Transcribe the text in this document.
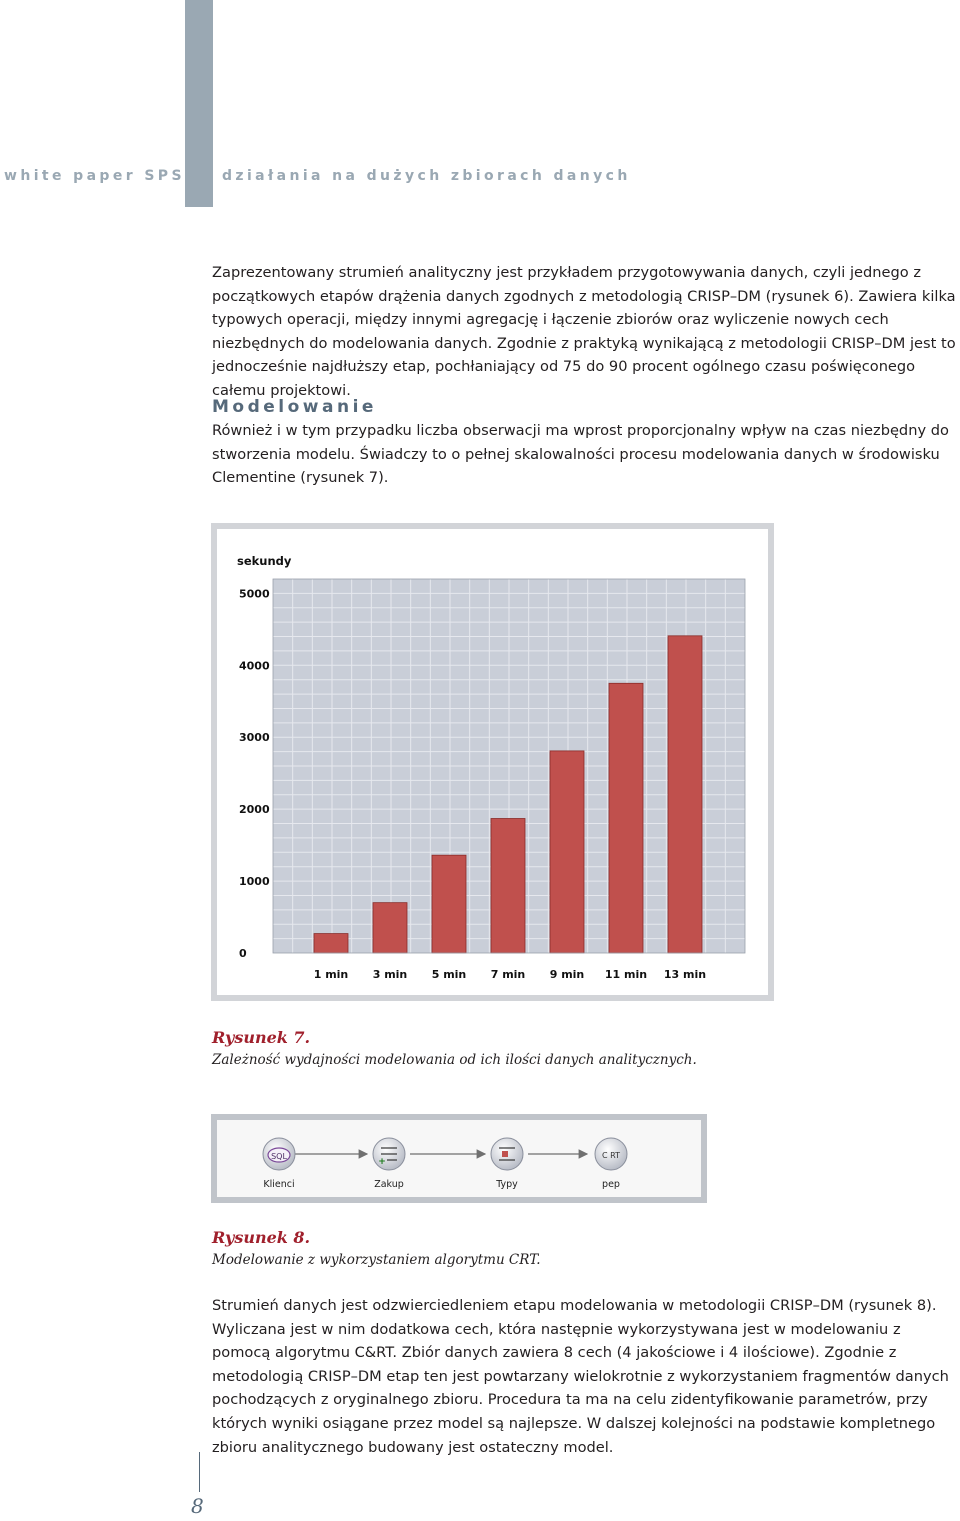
white paper SPSS działania na dużych zbiorach danych

Zaprezentowany strumień analityczny jest przykładem przygotowywania danych, czyli jednego z początkowych etapów drążenia danych zgodnych z metodologią CRISP–DM (rysunek 6). Zawiera kilka typowych operacji, między innymi agregację i łączenie zbiorów oraz wyliczenie nowych cech niezbędnych do modelowania danych. Zgodnie z praktyką wynikającą z metodologii CRISP–DM jest to jednocześnie najdłuższy etap, pochłaniający od 75 do 90 procent ogólnego czasu poświęconego całemu projektowi.

Modelowanie

Również i w tym przypadku liczba obserwacji ma wprost proporcjonalny wpływ na czas niezbędny do stworzenia modelu. Świadczy to o pełnej skalowalności procesu modelowania danych w środowisku Clementine (rysunek 7).

sekundy
0
1000
2000
3000
4000
5000
1 min 3 min 5 min 7 min 9 min 11 min 13 min
Rysunek 7.
Zależność wydajności modelowania od ich ilości danych analitycznych.
SQL
Klienci
+
Zakup	Typy
C RT
pep
Rysunek 8.
Modelowanie z wykorzystaniem algorytmu CRT.

Strumień danych jest odzwierciedleniem etapu modelowania w metodologii CRISP–DM (rysunek 8). Wyliczana jest w nim dodatkowa cech, która następnie wykorzystywana jest w modelowaniu z pomocą algorytmu C&RT. Zbiór danych zawiera 8 cech (4 jakościowe i 4 ilościowe). Zgodnie z metodologią CRISP–DM etap ten jest powtarzany wielokrotnie z wykorzystaniem fragmentów danych pochodzących z oryginalnego zbioru. Procedura ta ma na celu zidentyfikowanie parametrów, przy których wyniki osiągane przez model są najlepsze. W dalszej kolejności na podstawie kompletnego zbioru analitycznego budowany jest ostateczny model.

8
